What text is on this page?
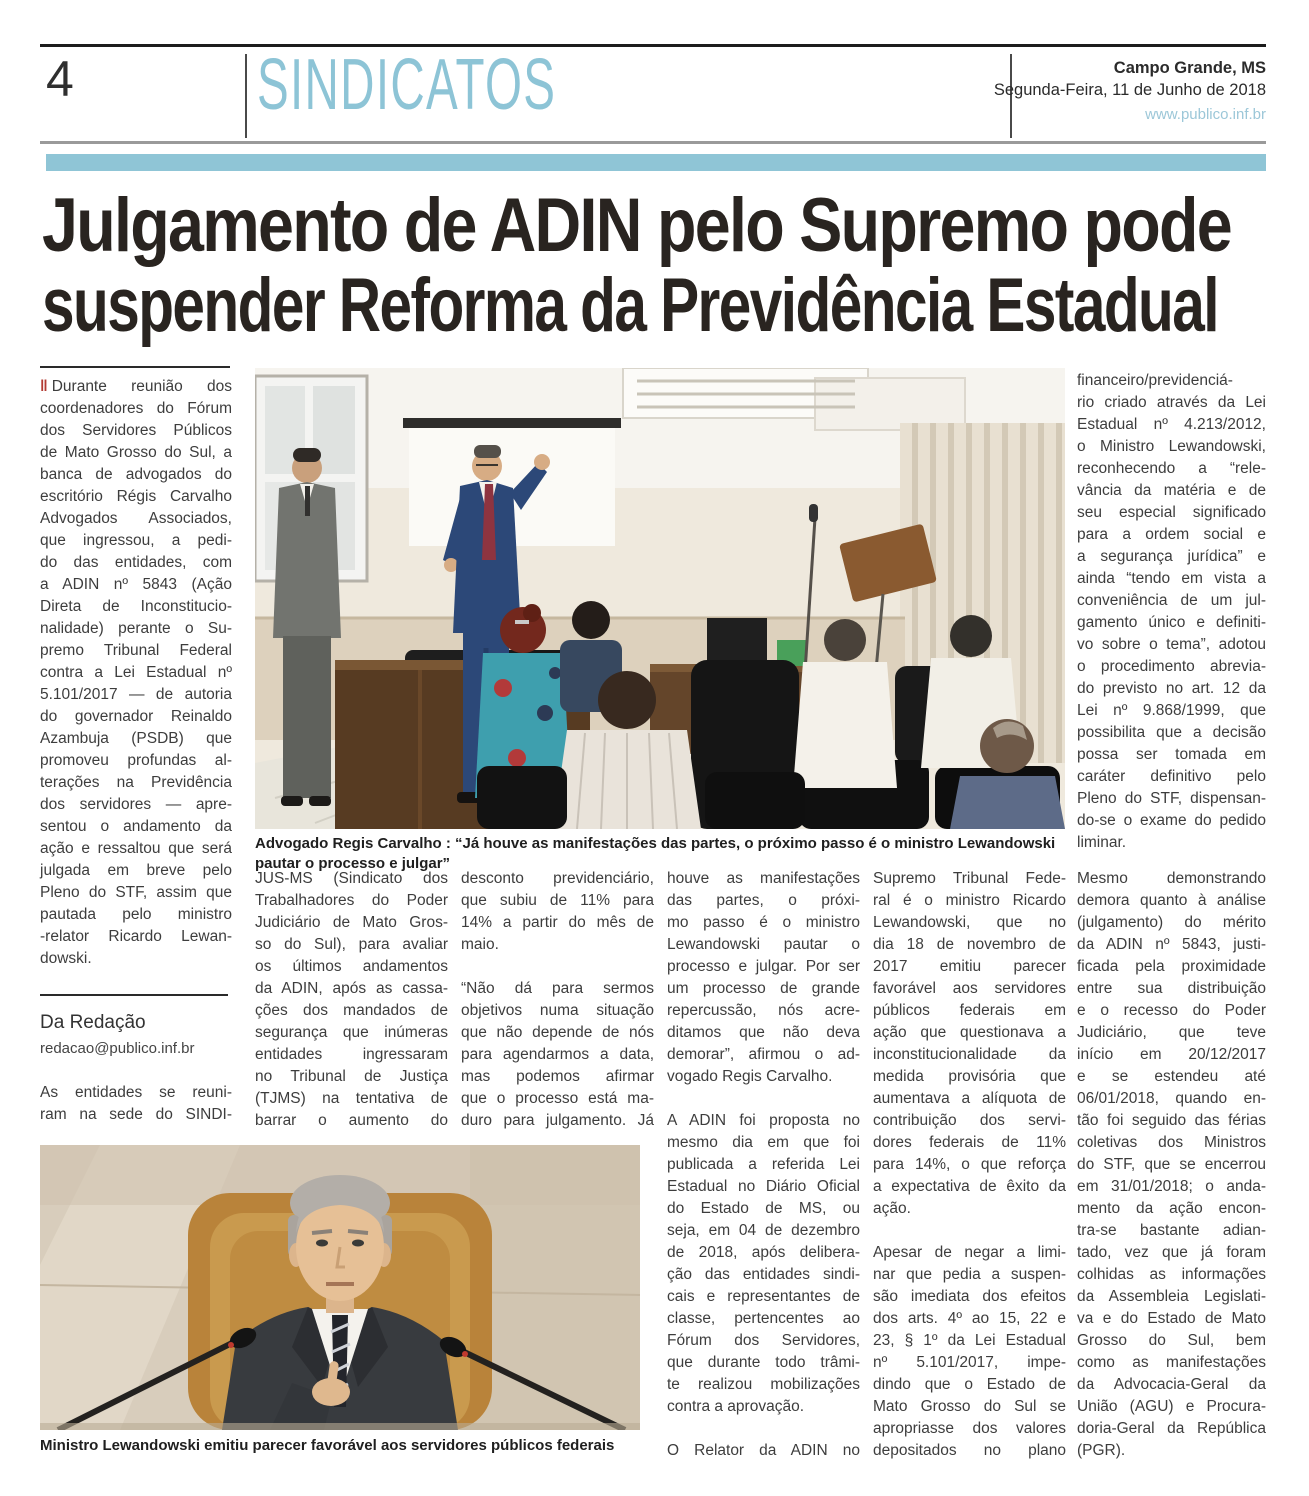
4	SINDICATOS	Campo Grande, MS
Segunda-Feira, 11 de Junho de 2018
www.publico.inf.br
Julgamento de ADIN pelo Supremo pode
suspender Reforma da Previdência Estadual
‖ Durante reunião dos
coordenadores do Fórum
dos Servidores Públicos
de Mato Grosso do Sul, a
banca de advogados do
escritório Régis Carvalho
Advogados Associados,
que ingressou, a pedi-
do das entidades, com
a ADIN nº 5843 (Ação
Direta de Inconstitucio-
nalidade) perante o Su-
premo Tribunal Federal
contra a Lei Estadual nº
5.101/2017 — de autoria
do governador Reinaldo
Azambuja (PSDB) que
promoveu profundas al-
terações na Previdência
dos servidores — apre-
sentou o andamento da
ação e ressaltou que será
julgada em breve pelo
Pleno do STF, assim que
pautada pelo ministro
-relator Ricardo Lewan-
dowski.
Da Redação
redacao@publico.inf.br
As entidades se reuni-
ram na sede do SINDI-
Advogado Regis Carvalho : “Já houve as manifestações das partes, o próximo passo é o ministro Lewandowski pautar o processo e julgar”
JUS-MS (Sindicato dos
Trabalhadores do Poder
Judiciário de Mato Gros-
so do Sul), para avaliar
os últimos andamentos
da ADIN, após as cassa-
ções dos mandados de
segurança que inúmeras
entidades ingressaram
no Tribunal de Justiça
(TJMS) na tentativa de
barrar o aumento do
desconto previdenciário,
que subiu de 11% para
14% a partir do mês de
maio.
“Não dá para sermos
objetivos numa situação
que não depende de nós
para agendarmos a data,
mas podemos afirmar
que o processo está ma-
duro para julgamento. Já
houve as manifestações
das partes, o próxi-
mo passo é o ministro
Lewandowski pautar o
processo e julgar. Por ser
um processo de grande
repercussão, nós acre-
ditamos que não deva
demorar”, afirmou o ad-
vogado Regis Carvalho.
A ADIN foi proposta no
mesmo dia em que foi
publicada a referida Lei
Estadual no Diário Oficial
do Estado de MS, ou
seja, em 04 de dezembro
de 2018, após delibera-
ção das entidades sindi-
cais e representantes de
classe, pertencentes ao
Fórum dos Servidores,
que durante todo trâmi-
te realizou mobilizações
contra a aprovação.
O Relator da ADIN no
Supremo Tribunal Fede-
ral é o ministro Ricardo
Lewandowski, que no
dia 18 de novembro de
2017 emitiu parecer
favorável aos servidores
públicos federais em
ação que questionava a
inconstitucionalidade da
medida provisória que
aumentava a alíquota de
contribuição dos servi-
dores federais de 11%
para 14%, o que reforça
a expectativa de êxito da
ação.
Apesar de negar a limi-
nar que pedia a suspen-
são imediata dos efeitos
dos arts. 4º ao 15, 22 e
23, § 1º da Lei Estadual
nº 5.101/2017, impe-
dindo que o Estado de
Mato Grosso do Sul se
apropriasse dos valores
depositados no plano
financeiro/previdenciá-
rio criado através da Lei
Estadual nº 4.213/2012,
o Ministro Lewandowski,
reconhecendo a “rele-
vância da matéria e de
seu especial significado
para a ordem social e
a segurança jurídica” e
ainda “tendo em vista a
conveniência de um jul-
gamento único e definiti-
vo sobre o tema”, adotou
o procedimento abrevia-
do previsto no art. 12 da
Lei nº 9.868/1999, que
possibilita que a decisão
possa ser tomada em
caráter definitivo pelo
Pleno do STF, dispensan-
do-se o exame do pedido
liminar.
Mesmo demonstrando
demora quanto à análise
(julgamento) do mérito
da ADIN nº 5843, justi-
ficada pela proximidade
entre sua distribuição
e o recesso do Poder
Judiciário, que teve
início em 20/12/2017
e se estendeu até
06/01/2018, quando en-
tão foi seguido das férias
coletivas dos Ministros
do STF, que se encerrou
em 31/01/2018; o anda-
mento da ação encon-
tra-se bastante adian-
tado, vez que já foram
colhidas as informações
da Assembleia Legislati-
va e do Estado de Mato
Grosso do Sul, bem
como as manifestações
da Advocacia-Geral da
União (AGU) e Procura-
doria-Geral da República
(PGR).
Ministro Lewandowski emitiu parecer favorável aos servidores públicos federais
